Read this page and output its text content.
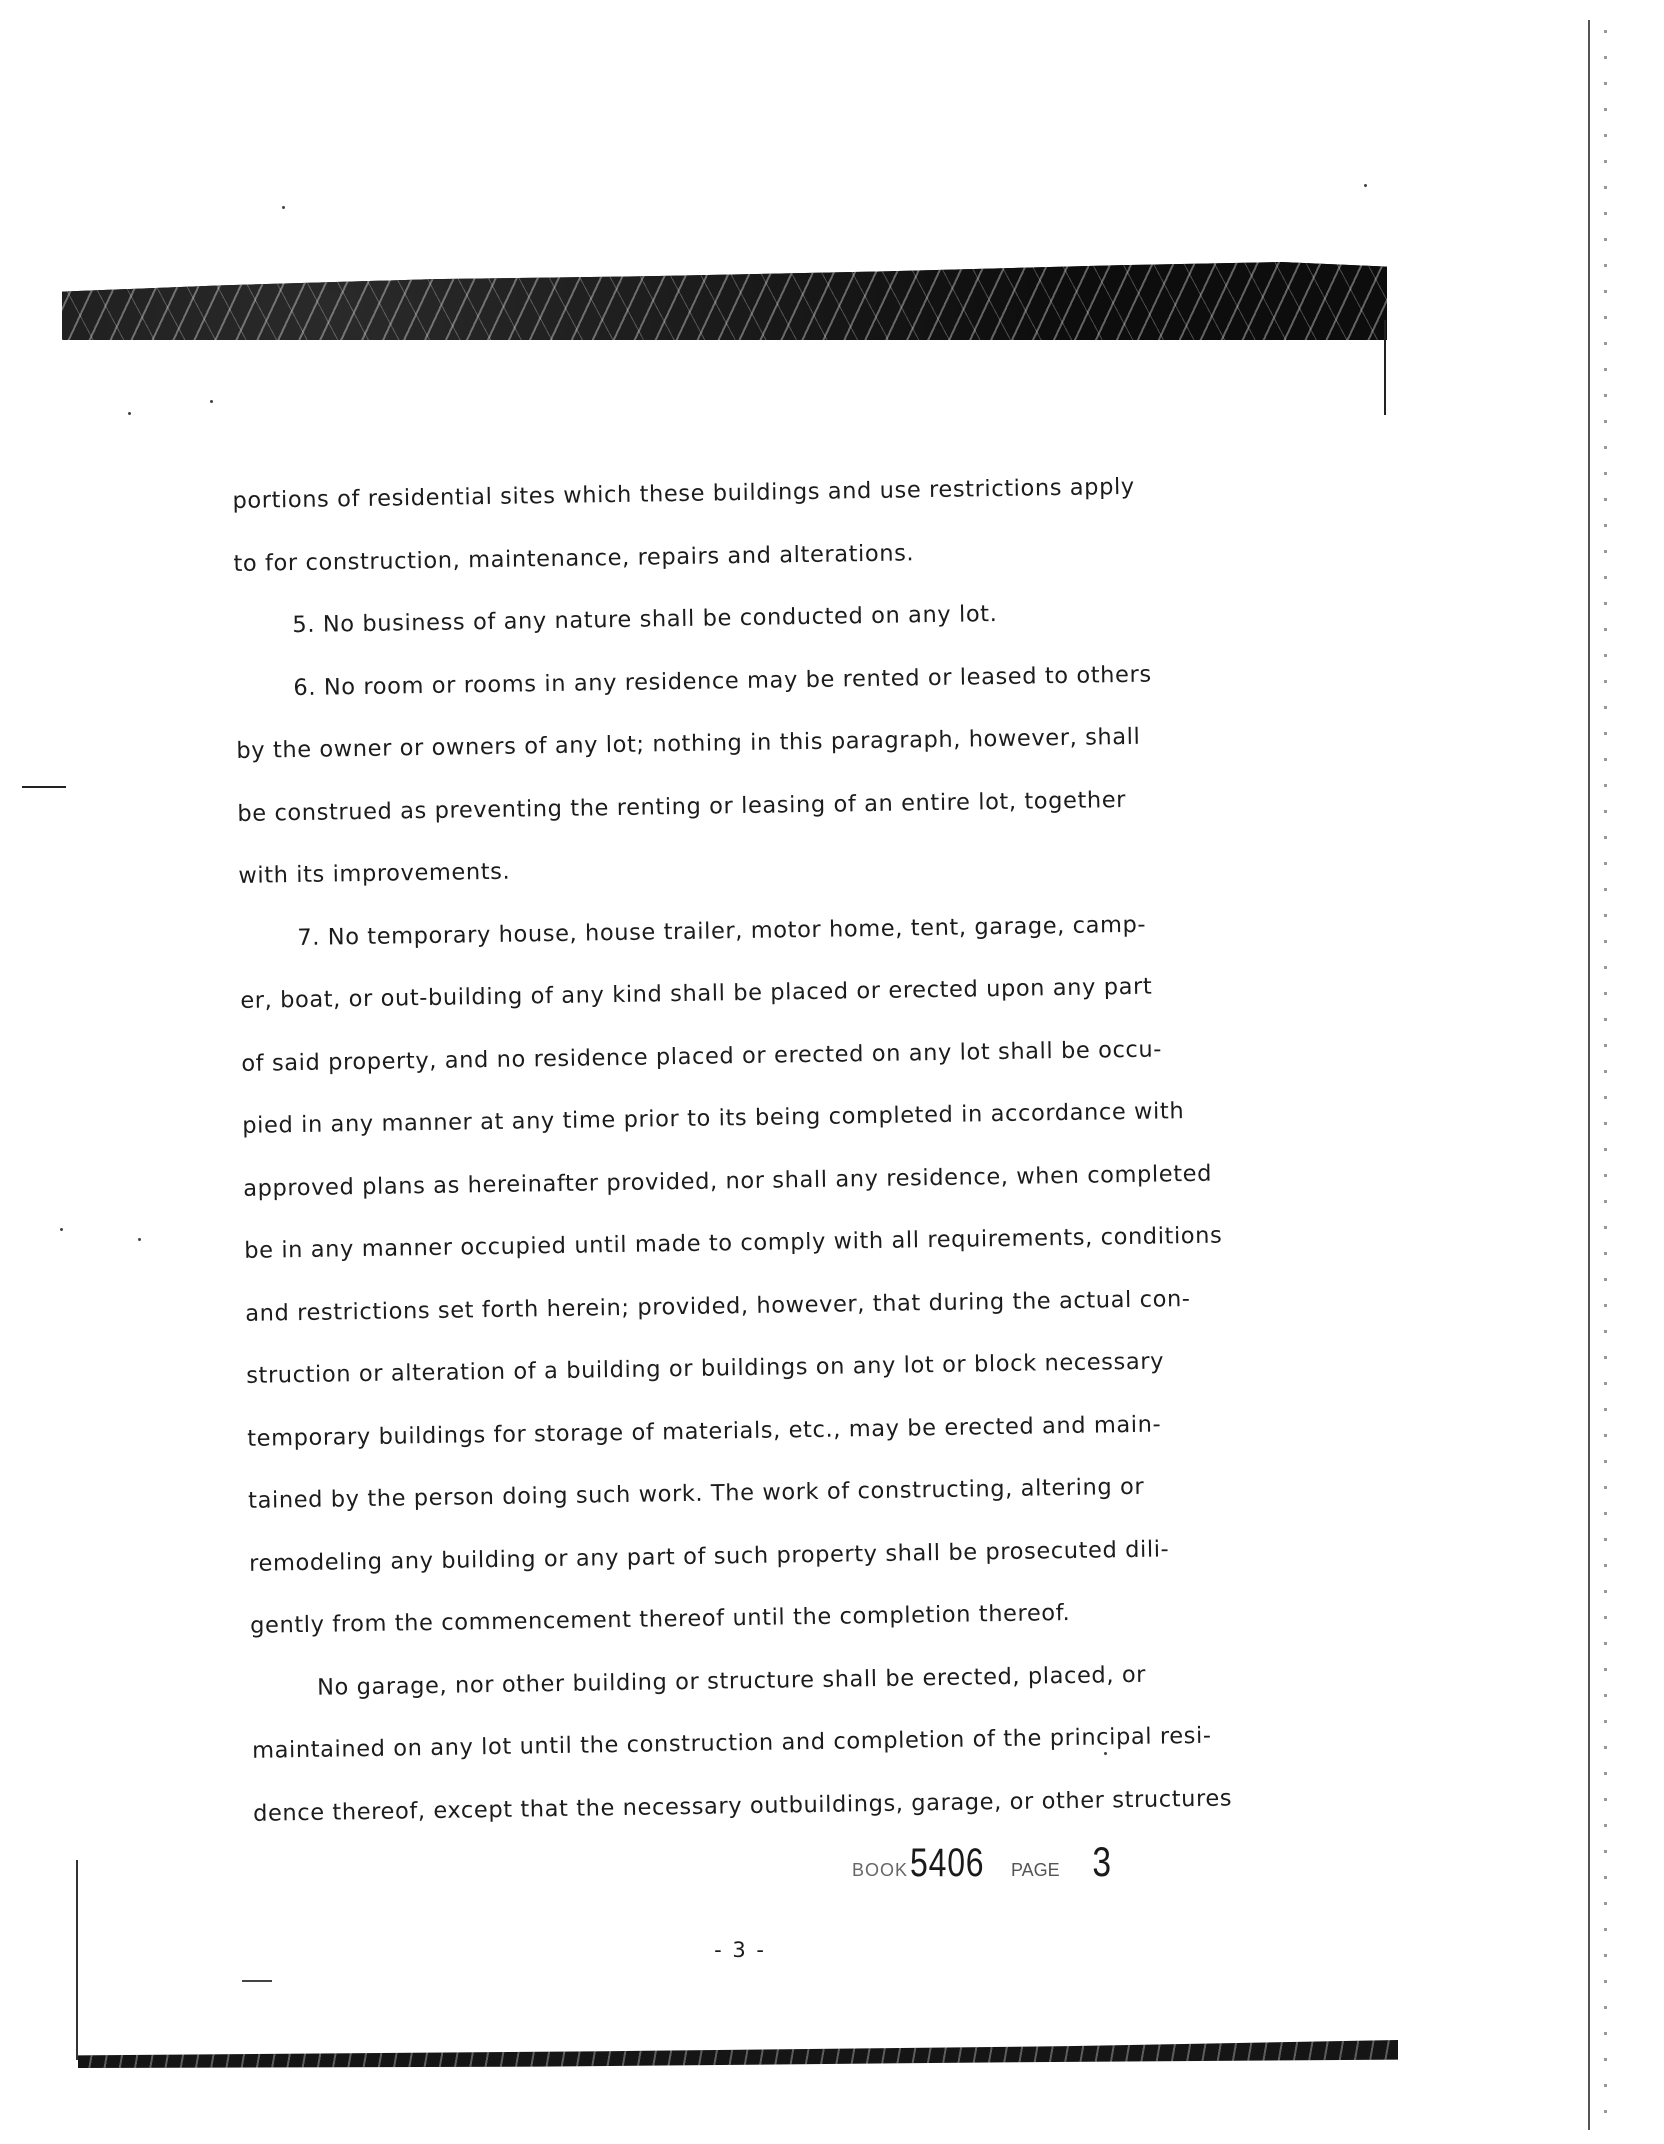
portions of residential sites which these buildings and use restrictions apply
to for construction, maintenance, repairs and alterations.
5. No business of any nature shall be conducted on any lot.
6. No room or rooms in any residence may be rented or leased to others
by the owner or owners of any lot; nothing in this paragraph, however, shall
be construed as preventing the renting or leasing of an entire lot, together
with its improvements.
7. No temporary house, house trailer, motor home, tent, garage, camp-
er, boat, or out-building of any kind shall be placed or erected upon any part
of said property, and no residence placed or erected on any lot shall be occu-
pied in any manner at any time prior to its being completed in accordance with
approved plans as hereinafter provided, nor shall any residence, when completed
be in any manner occupied until made to comply with all requirements, conditions
and restrictions set forth herein; provided, however, that during the actual con-
struction or alteration of a building or buildings on any lot or block necessary
temporary buildings for storage of materials, etc., may be erected and main-
tained by the person doing such work. The work of constructing, altering or
remodeling any building or any part of such property shall be prosecuted dili-
gently from the commencement thereof until the completion thereof.
No garage, nor other building or structure shall be erected, placed, or
maintained on any lot until the construction and completion of the principal resi-
dence thereof, except that the necessary outbuildings, garage, or other structures
BOOK 5406 PAGE 3
- 3 -
